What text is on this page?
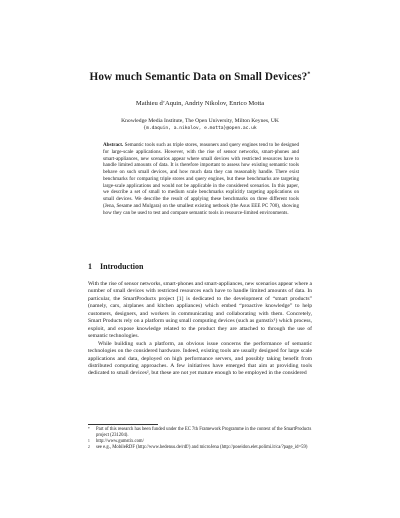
How much Semantic Data on Small Devices?*
Mathieu d’Aquin, Andriy Nikolov, Enrico Motta
Knowledge Media Institute, The Open University, Milton Keynes, UK
{m.daquin, a.nikolov, e.motta}@open.ac.uk
Abstract. Semantic tools such as triple stores, reasoners and query engines tend to be designed for large-scale applications. However, with the rise of sensor networks, smart-phones and smart-appliances, new scenarios appear where small devices with restricted resources have to handle limited amounts of data. It is therefore important to assess how existing semantic tools behave on such small devices, and how much data they can reasonably handle. There exist benchmarks for comparing triple stores and query engines, but these benchmarks are targeting large-scale applications and would not be applicable in the considered scenarios. In this paper, we describe a set of small to medium scale benchmarks explicitly targeting applications on small devices. We describe the result of applying these benchmarks on three different tools (Jena, Sesame and Mulgara) on the smallest existing netbook (the Asus EEE PC 700), showing how they can be used to test and compare semantic tools in resource-limited environments.
1 Introduction

With the rise of sensor networks, smart-phones and smart-appliances, new scenarios appear where a number of small devices with restricted resources each have to handle limited amounts of data. In particular, the SmartProducts project [1] is dedicated to the development of “smart products” (namely, cars, airplanes and kitchen appliances) which embed “proactive knowledge” to help customers, designers, and workers in communicating and collaborating with them. Concretely, Smart Products rely on a platform using small computing devices (such as gumstix¹) which process, exploit, and expose knowledge related to the product they are attached to through the use of semantic technologies.

While building such a platform, an obvious issue concerns the performance of semantic technologies on the considered hardware. Indeed, existing tools are usually designed for large scale applications and data, deployed on high performance servers, and possibly taking benefit from distributed computing approaches. A few initiatives have emerged that aim at providing tools dedicated to small devices², but these are not yet mature enough to be employed in the considered

*	Part of this research has been funded under the EC 7th Framework Programme in the context of the SmartProducts project (231204).
1	http://www.gumstix.com/
2	see e.g., MobileRDF (http://www.hedenus.de/rdf/) and microJena (http://poseidon.elet.polimi.it/ca/?page_id=59)
